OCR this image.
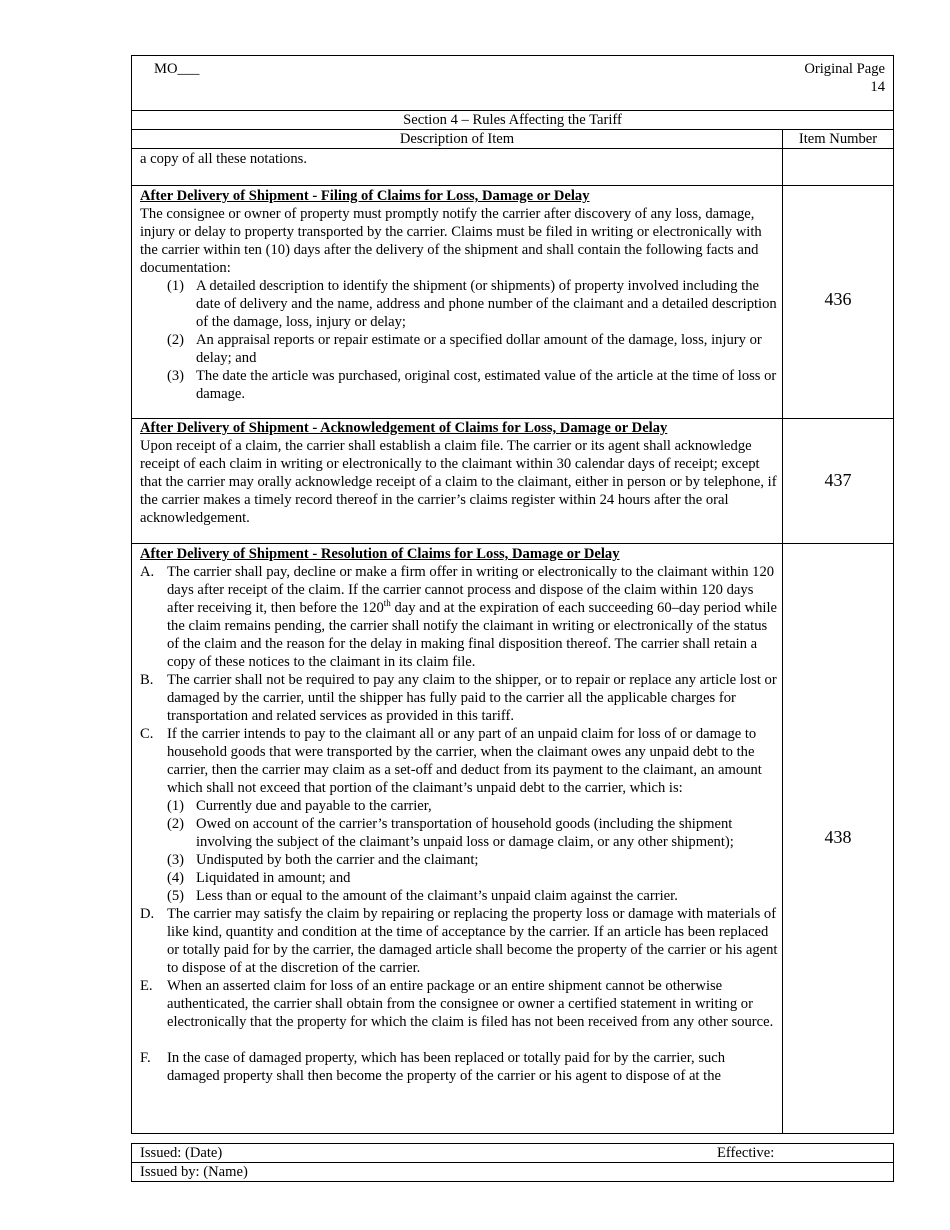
MO___	Original Page
14
Section 4 – Rules Affecting the Tariff
Description of Item	Item Number

a copy of all these notations.

After Delivery of Shipment - Filing of Claims for Loss, Damage or Delay

The consignee or owner of property must promptly notify the carrier after discovery of any loss, damage, injury or delay to property transported by the carrier. Claims must be filed in writing or electronically with the carrier within ten (10) days after the delivery of the shipment and shall contain the following facts and documentation:

(1) A detailed description to identify the shipment (or shipments) of property involved including the date of delivery and the name, address and phone number of the claimant and a detailed description of the damage, loss, injury or delay;
(2) An appraisal reports or repair estimate or a specified dollar amount of the damage, loss, injury or delay; and
(3) The date the article was purchased, original cost, estimated value of the article at the time of loss or damage.
436

After Delivery of Shipment - Acknowledgement of Claims for Loss, Damage or Delay

Upon receipt of a claim, the carrier shall establish a claim file. The carrier or its agent shall acknowledge receipt of each claim in writing or electronically to the claimant within 30 calendar days of receipt; except that the carrier may orally acknowledge receipt of a claim to the claimant, either in person or by telephone, if the carrier makes a timely record thereof in the carrier’s claims register within 24 hours after the oral acknowledgement.

437

After Delivery of Shipment - Resolution of Claims for Loss, Damage or Delay

A. The carrier shall pay, decline or make a firm offer in writing or electronically to the claimant within 120 days after receipt of the claim. If the carrier cannot process and dispose of the claim within 120 days after receiving it, then before the 120th day and at the expiration of each succeeding 60–day period while the claim remains pending, the carrier shall notify the claimant in writing or electronically of the status of the claim and the reason for the delay in making final disposition thereof. The carrier shall retain a copy of these notices to the claimant in its claim file.
B. The carrier shall not be required to pay any claim to the shipper, or to repair or replace any article lost or damaged by the carrier, until the shipper has fully paid to the carrier all the applicable charges for transportation and related services as provided in this tariff.
C. If the carrier intends to pay to the claimant all or any part of an unpaid claim for loss of or damage to household goods that were transported by the carrier, when the claimant owes any unpaid debt to the carrier, then the carrier may claim as a set-off and deduct from its payment to the claimant, an amount which shall not exceed that portion of the claimant’s unpaid debt to the carrier, which is:
(1) Currently due and payable to the carrier,
(2) Owed on account of the carrier’s transportation of household goods (including the shipment involving the subject of the claimant’s unpaid loss or damage claim, or any other shipment);
(3) Undisputed by both the carrier and the claimant;
(4) Liquidated in amount; and
(5) Less than or equal to the amount of the claimant’s unpaid claim against the carrier.
D. The carrier may satisfy the claim by repairing or replacing the property loss or damage with materials of like kind, quantity and condition at the time of acceptance by the carrier. If an article has been replaced or totally paid for by the carrier, the damaged article shall become the property of the carrier or his agent to dispose of at the discretion of the carrier.
E. When an asserted claim for loss of an entire package or an entire shipment cannot be otherwise authenticated, the carrier shall obtain from the consignee or owner a certified statement in writing or electronically that the property for which the claim is filed has not been received from any other source.
F. In the case of damaged property, which has been replaced or totally paid for by the carrier, such damaged property shall then become the property of the carrier or his agent to dispose of at the
438
Issued: (Date)	Effective:
Issued by: (Name)
